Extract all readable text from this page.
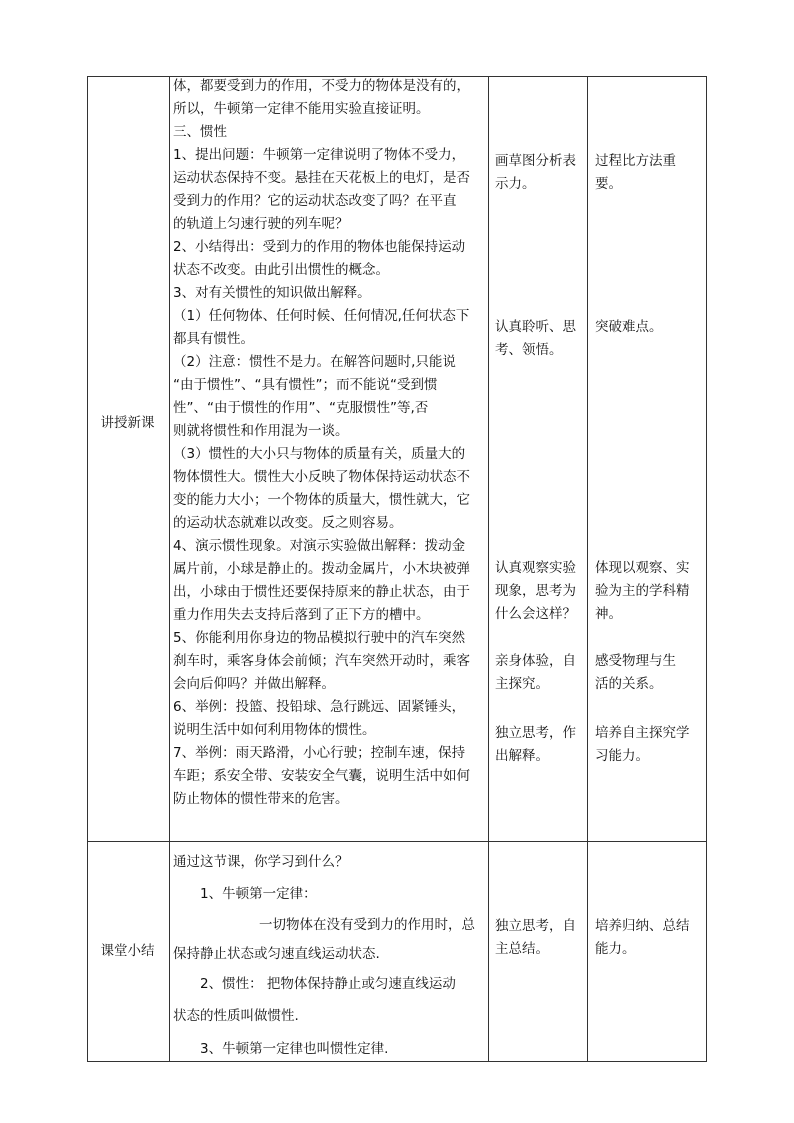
讲授新课
课堂小结

体，都要受到力的作用，不受力的物体是没有的，

所以，牛顿第一定律不能用实验直接证明。

三、惯性

1、提出问题：牛顿第一定律说明了物体不受力，

运动状态保持不变。悬挂在天花板上的电灯，是否

受到力的作用？它的运动状态改变了吗？在平直

的轨道上匀速行驶的列车呢？

2、小结得出：受到力的作用的物体也能保持运动

状态不改变。由此引出惯性的概念。

3、对有关惯性的知识做出解释。

（1）任何物体、任何时候、任何情况,任何状态下

都具有惯性。

（2）注意：惯性不是力。在解答问题时,只能说

“由于惯性”、“具有惯性”；而不能说“受到惯

性”、“由于惯性的作用”、“克服惯性”等,否

则就将惯性和作用混为一谈。

（3）惯性的大小只与物体的质量有关，质量大的

物体惯性大。惯性大小反映了物体保持运动状态不

变的能力大小；一个物体的质量大，惯性就大，它

的运动状态就难以改变。反之则容易。

4、演示惯性现象。对演示实验做出解释：拨动金

属片前，小球是静止的。拨动金属片，小木块被弹

出，小球由于惯性还要保持原来的静止状态，由于

重力作用失去支持后落到了正下方的槽中。

5、你能利用你身边的物品模拟行驶中的汽车突然

刹车时，乘客身体会前倾；汽车突然开动时，乘客

会向后仰吗？并做出解释。

6、举例：投篮、投铅球、急行跳远、固紧锤头，

说明生活中如何利用物体的惯性。

7、举例：雨天路滑，小心行驶；控制车速，保持

车距；系安全带、安装安全气囊，说明生活中如何

防止物体的惯性带来的危害。

画草图分析表

示力。

认真聆听、思

考、领悟。

认真观察实验

现象，思考为

什么会这样？

亲身体验，自

主探究。

独立思考，作

出解释。

过程比方法重

要。

突破难点。

体现以观察、实

验为主的学科精

神。

感受物理与生

活的关系。

培养自主探究学

习能力。

通过这节课，你学习到什么？

1、牛顿第一定律：

一切物体在没有受到力的作用时，总

保持静止状态或匀速直线运动状态.

2、惯性： 把物体保持静止或匀速直线运动

状态的性质叫做惯性.

3、牛顿第一定律也叫惯性定律.

独立思考，自

主总结。

培养归纳、总结

能力。
